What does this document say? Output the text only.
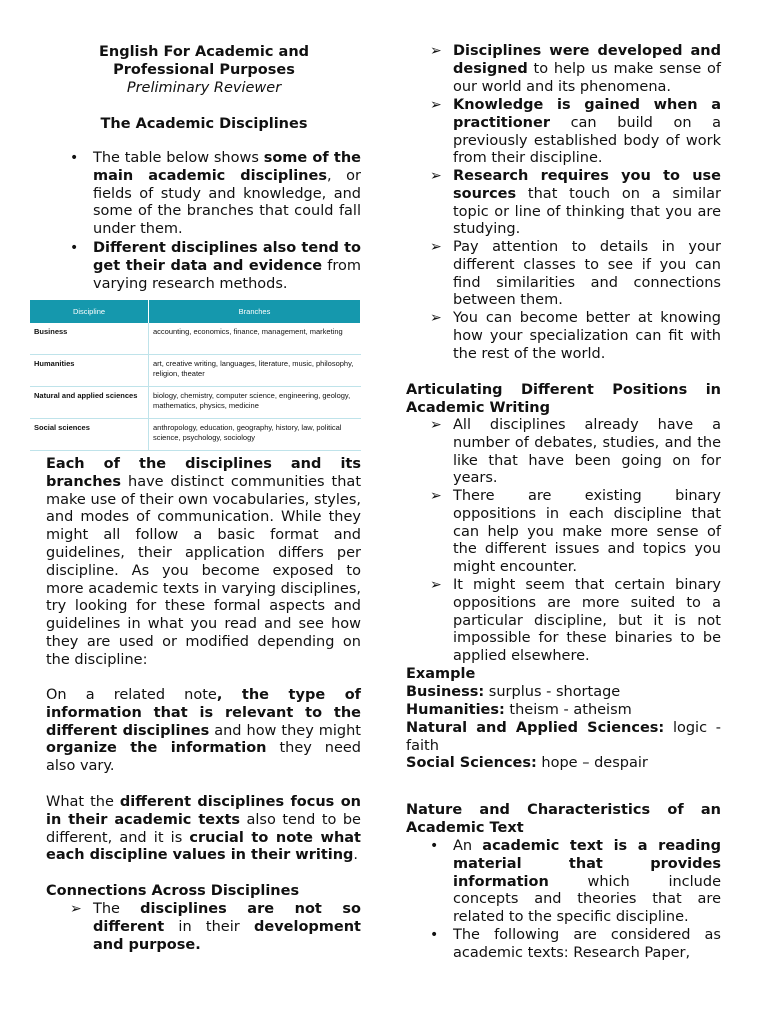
English For Academic and
Professional Purposes
Preliminary Reviewer
The Academic Disciplines
• The table below shows some of the main academic disciplines, or fields of study and knowledge, and some of the branches that could fall under them.
• Different disciplines also tend to get their data and evidence from varying research methods.
Discipline	Branches
Business	accounting, economics, finance, management, marketing
Humanities	art, creative writing, languages, literature, music, philosophy, religion, theater
Natural and applied sciences	biology, chemistry, computer science, engineering, geology, mathematics, physics, medicine
Social sciences	anthropology, education, geography, history, law, political science, psychology, sociology
Each of the disciplines and its branches have distinct communities that make use of their own vocabularies, styles, and modes of communication. While they might all follow a basic format and guidelines, their application differs per discipline. As you become exposed to more academic texts in varying disciplines, try looking for these formal aspects and guidelines in what you read and see how they are used or modified depending on the discipline:
On a related note, the type of information that is relevant to the different disciplines and how they might organize the information they need also vary.
What the different disciplines focus on in their academic texts also tend to be different, and it is crucial to note what each discipline values in their writing.
Connections Across Disciplines
➢ The disciplines are not so different in their development and purpose.
➢ Disciplines were developed and designed to help us make sense of our world and its phenomena.
➢ Knowledge is gained when a practitioner can build on a previously established body of work from their discipline.
➢ Research requires you to use sources that touch on a similar topic or line of thinking that you are studying.
➢ Pay attention to details in your different classes to see if you can find similarities and connections between them.
➢ You can become better at knowing how your specialization can fit with the rest of the world.
Articulating Different Positions in Academic Writing
➢ All disciplines already have a number of debates, studies, and the like that have been going on for years.
➢ There are existing binary oppositions in each discipline that can help you make more sense of the different issues and topics you might encounter.
➢ It might seem that certain binary oppositions are more suited to a particular discipline, but it is not impossible for these binaries to be applied elsewhere.
Example
Business: surplus - shortage
Humanities: theism - atheism
Natural and Applied Sciences: logic - faith
Social Sciences: hope – despair
Nature and Characteristics of an Academic Text
• An academic text is a reading material that provides information which include concepts and theories that are related to the specific discipline.
• The following are considered as academic texts: Research Paper,
